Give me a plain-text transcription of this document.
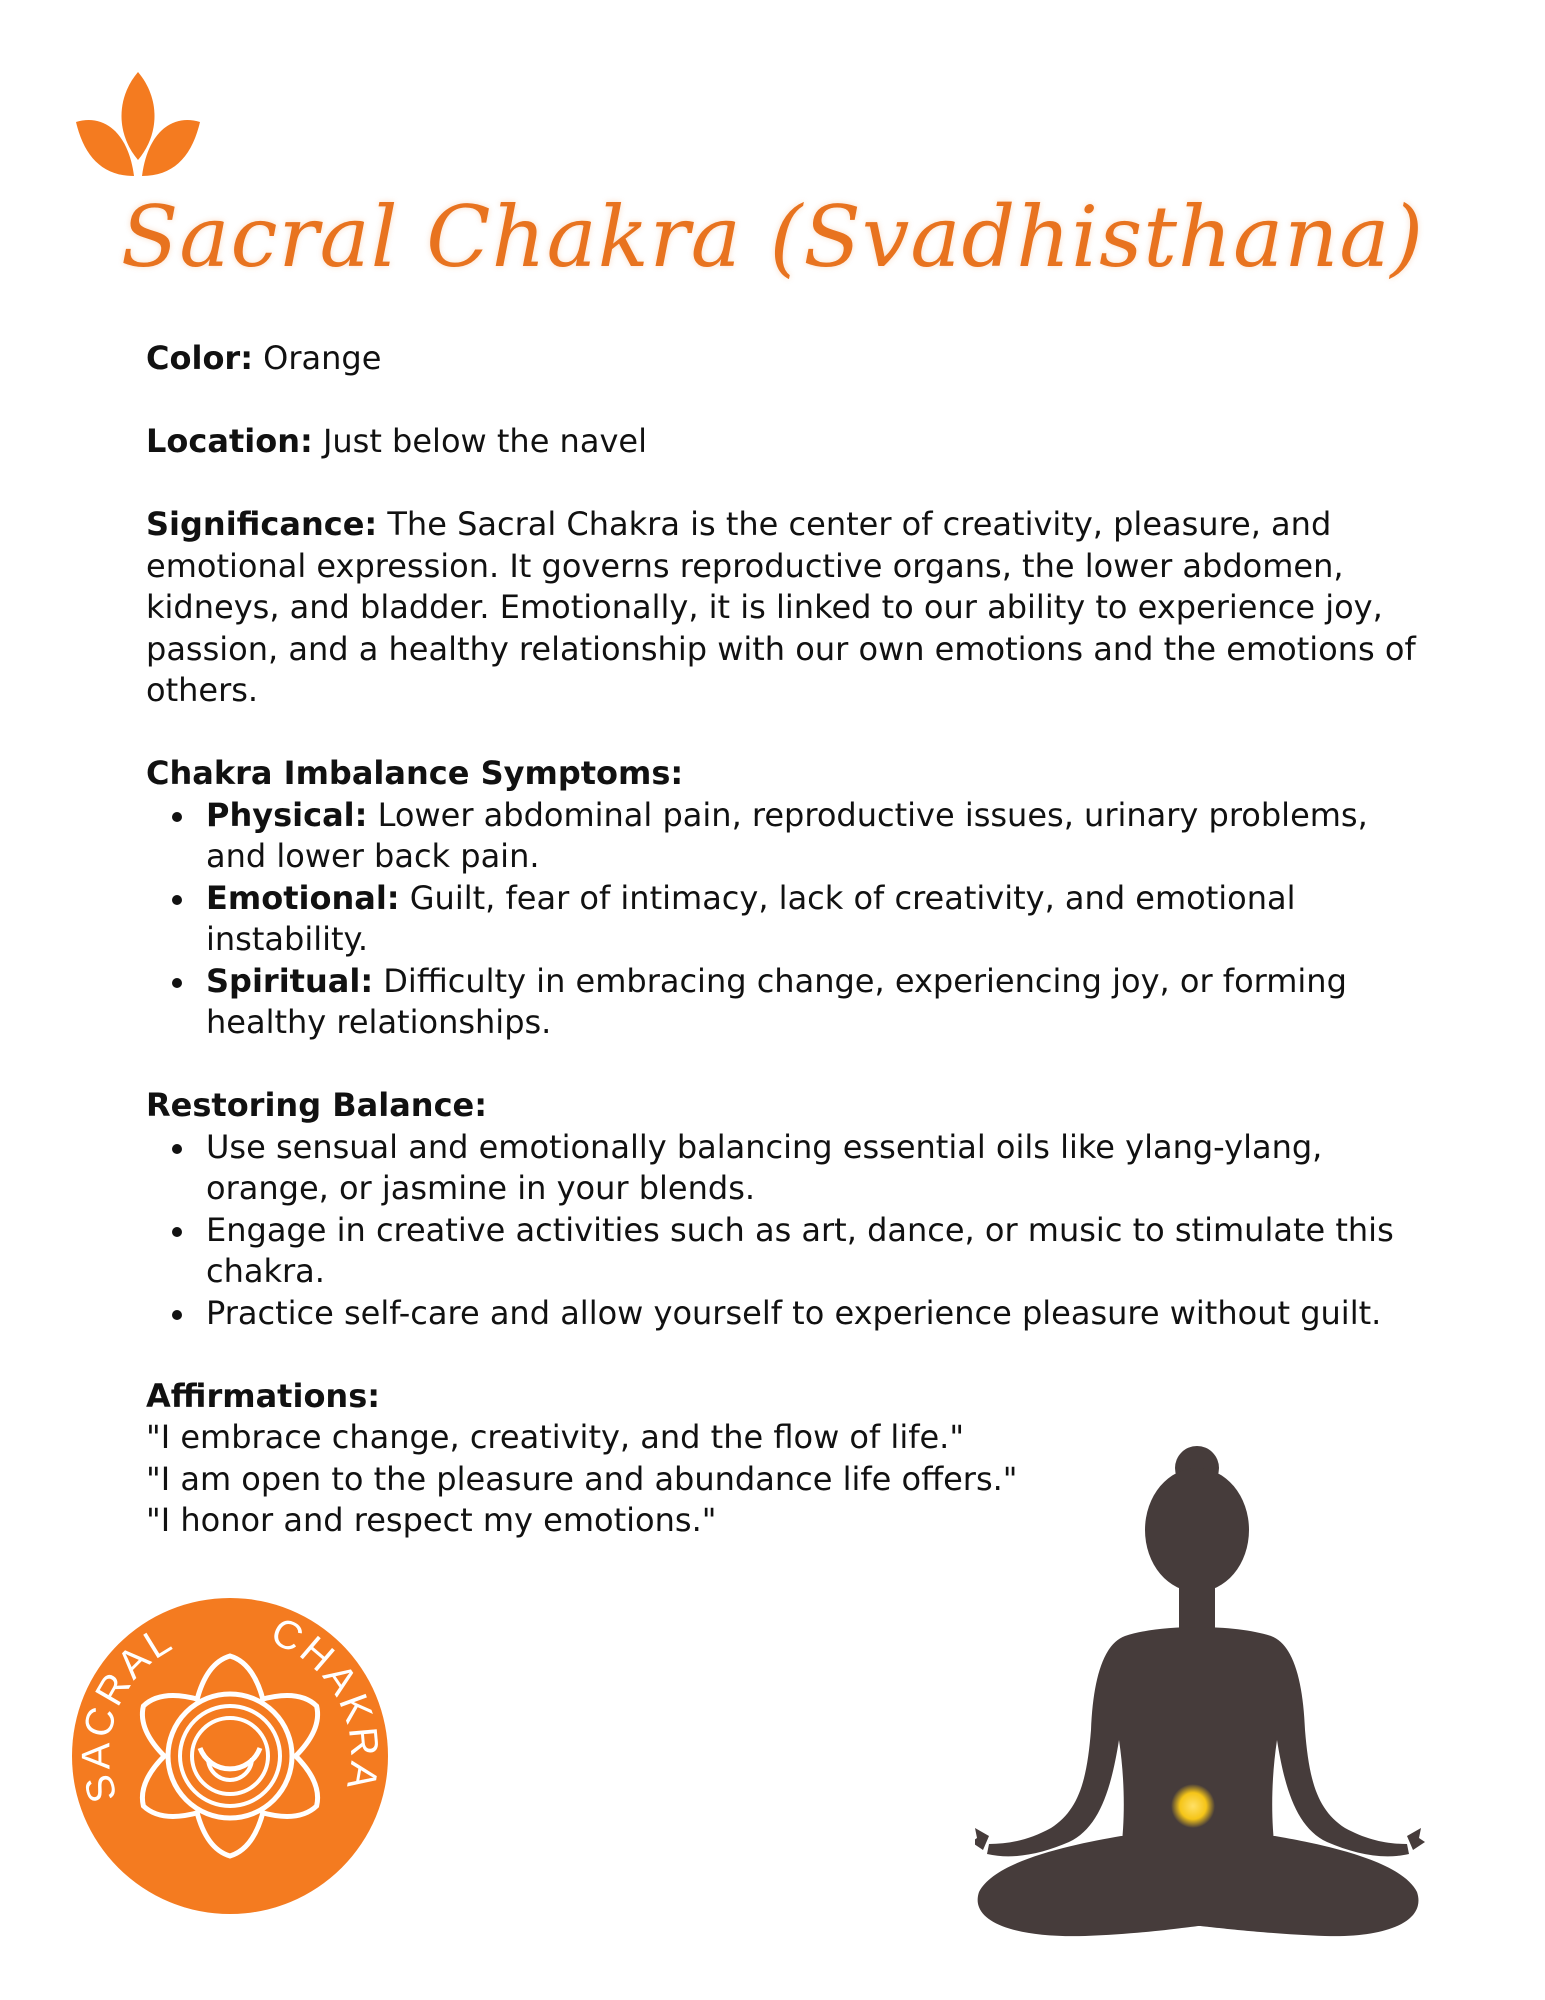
Sacral Chakra (Svadhisthana)

Color: Orange

Location: Just below the navel

Significance: The Sacral Chakra is the center of creativity, pleasure, and emotional expression. It governs reproductive organs, the lower abdomen, kidneys, and bladder. Emotionally, it is linked to our ability to experience joy, passion, and a healthy relationship with our own emotions and the emotions of others.

Chakra Imbalance Symptoms:

Physical: Lower abdominal pain, reproductive issues, urinary problems, and lower back pain.
Emotional: Guilt, fear of intimacy, lack of creativity, and emotional instability.
Spiritual: Difficulty in embracing change, experiencing joy, or forming healthy relationships.

Restoring Balance:

Use sensual and emotionally balancing essential oils like ylang-ylang, orange, or jasmine in your blends.
Engage in creative activities such as art, dance, or music to stimulate this chakra.
Practice self-care and allow yourself to experience pleasure without guilt.

Affirmations:

"I embrace change, creativity, and the flow of life."

"I am open to the pleasure and abundance life offers."

"I honor and respect my emotions."

SACRAL CHAKRA
